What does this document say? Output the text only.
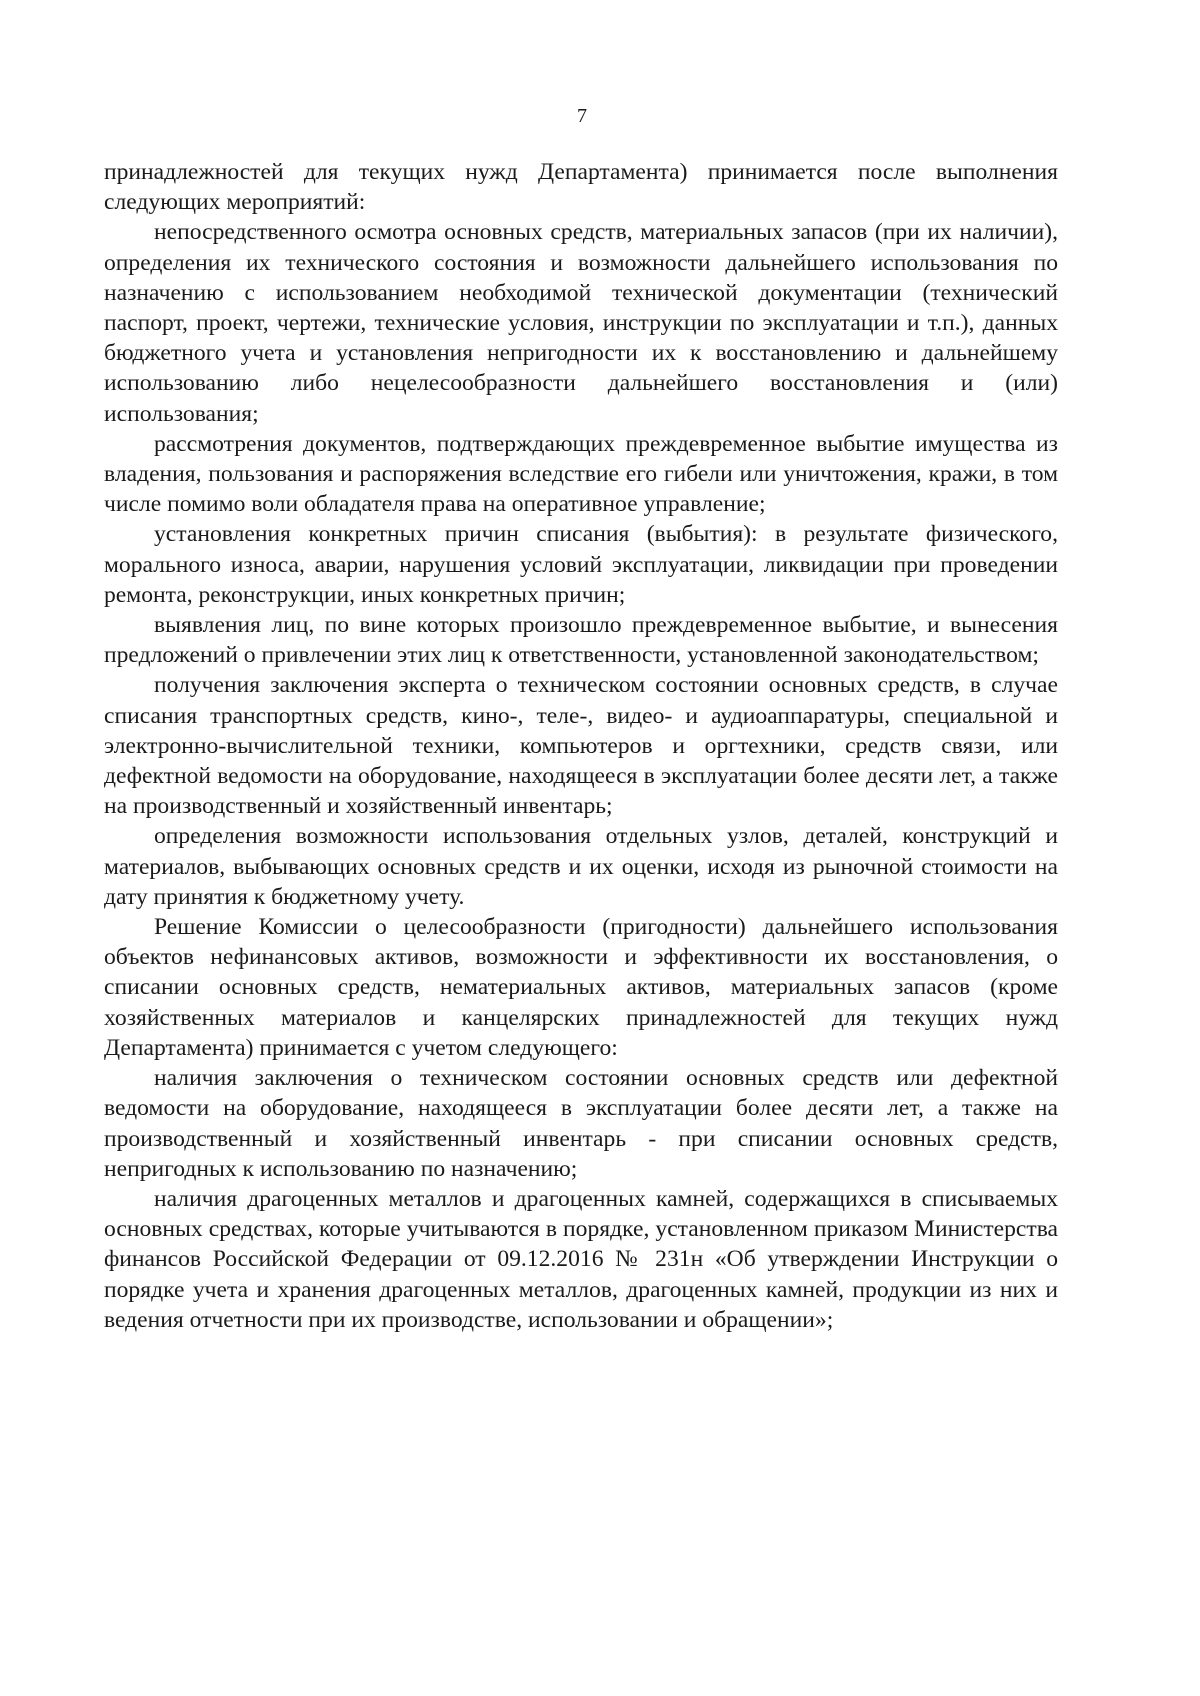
7

принадлежностей для текущих нужд Департамента) принимается после выполнения следующих мероприятий:

непосредственного осмотра основных средств, материальных запасов (при их наличии), определения их технического состояния и возможности дальнейшего использования по назначению с использованием необходимой технической документации (технический паспорт, проект, чертежи, технические условия, инструкции по эксплуатации и т.п.), данных бюджетного учета и установления непригодности их к восстановлению и дальнейшему использованию либо нецелесообразности дальнейшего восстановления и (или) использования;

рассмотрения документов, подтверждающих преждевременное выбытие имущества из владения, пользования и распоряжения вследствие его гибели или уничтожения, кражи, в том числе помимо воли обладателя права на оперативное управление;

установления конкретных причин списания (выбытия): в результате физического, морального износа, аварии, нарушения условий эксплуатации, ликвидации при проведении ремонта, реконструкции, иных конкретных причин;

выявления лиц, по вине которых произошло преждевременное выбытие, и вынесения предложений о привлечении этих лиц к ответственности, установленной законодательством;

получения заключения эксперта о техническом состоянии основных средств, в случае списания транспортных средств, кино-, теле-, видео- и аудиоаппаратуры, специальной и электронно-вычислительной техники, компьютеров и оргтехники, средств связи, или дефектной ведомости на оборудование, находящееся в эксплуатации более десяти лет, а также на производственный и хозяйственный инвентарь;

определения возможности использования отдельных узлов, деталей, конструкций и материалов, выбывающих основных средств и их оценки, исходя из рыночной стоимости на дату принятия к бюджетному учету.

Решение Комиссии о целесообразности (пригодности) дальнейшего использования объектов нефинансовых активов, возможности и эффективности их восстановления, о списании основных средств, нематериальных активов, материальных запасов (кроме хозяйственных материалов и канцелярских принадлежностей для текущих нужд Департамента) принимается с учетом следующего:

наличия заключения о техническом состоянии основных средств или дефектной ведомости на оборудование, находящееся в эксплуатации более десяти лет, а также на производственный и хозяйственный инвентарь - при списании основных средств, непригодных к использованию по назначению;

наличия драгоценных металлов и драгоценных камней, содержащихся в списываемых основных средствах, которые учитываются в порядке, установленном приказом Министерства финансов Российской Федерации от 09.12.2016 № 231н «Об утверждении Инструкции о порядке учета и хранения драгоценных металлов, драгоценных камней, продукции из них и ведения отчетности при их производстве, использовании и обращении»;
